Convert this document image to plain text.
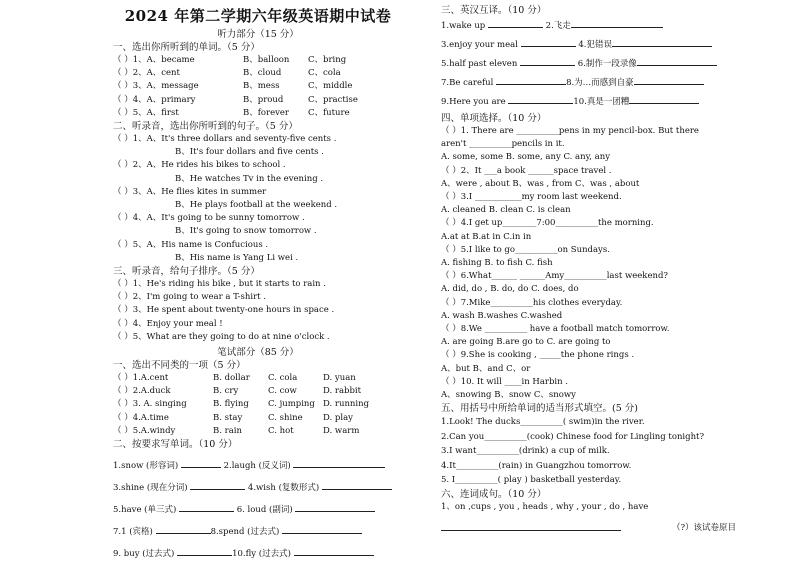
2024 年第二学期六年级英语期中试卷
听力部分（15 分）
一、选出你所听到的单词。（5 分）
（ ）1、A、became	B、balloon C、bring
（ ）2、A、cent	B、cloud	C、cola
（ ）3、A、message	B、mess	C、middle
（ ）4、A、primary	B、proud	C、practise
（ ）5、A、first	B、forever C、future
二、听录音，选出你所听到的句子。（5 分）
（ ）1、A、It's three dollars and seventy-five cents .
B、It's four dollars and five cents .
（ ）2、A、He rides his bikes to school .
B、He watches Tv in the evening .
（ ）3、A、He flies kites in summer
B、He plays football at the weekend .
（ ）4、A、It's going to be sunny tomorrow .
B、It's going to snow tomorrow .
（ ）5、A、His name is Confucious .
B、His name is Yang Li wei .
三、听录音，给句子排序。（5 分）
（ ）1、He's riding his bike , but it starts to rain .
（ ）2、I'm going to wear a T-shirt .
（ ）3、He spent about twenty-one hours in space .
（ ）4、Enjoy your meal !
（ ）5、What are they going to do at nine o'clock .
笔试部分（85 分）
一、选出不同类的一项（5 分）
（ ）1.A.cent	B. dollar C. cola	D. yuan
（ ）2.A.duck	B. cry	C. cow	D. rabbit
（ ）3. A. singing	B. flying C. jumping D. running
（ ）4.A.time	B. stay	C. shine D. play
（ ）5.A.windy	B. rain	C. hot	D. warm
二、按要求写单词。（10 分）
1.snow (形容词)	2.laugh (反义词)
3.shine (现在分词)	4.wish (复数形式)
5.have (单三式)	6. loud (副词)
7.1 (宾格)	8.spend (过去式)
9. buy (过去式)	10.fly (过去式)
三、英汉互译。（10 分）
1.wake up	2.飞走
3.enjoy your meal	4.犯错误
5.half past eleven	6.制作一段录像
7.Be careful	8.为…而感到自豪
9.Here you are	10.真是一团糟
四、单项选择。（10 分）
（ ）1. There are __________pens in my pencil-box. But there
aren't __________pencils in it.
A. some, some B. some, any C. any, any
（ ）2、It ___a book ______space travel .
A、were , about B、was , from C、was , about
（ ）3.I ___________my room last weekend.
A. cleaned B. clean C. is clean
（ ）4.I get up________7:00__________the morning.
A.at at B.at in C.in in
（ ）5.I like to go__________on Sundays.
A. fishing B. to fish C. fish
（ ）6.What______ ______Amy__________last weekend?
A. did, do , B. do, do C. does, do
（ ）7.Mike__________his clothes everyday.
A. wash B.washes C.washed
（ ）8.We __________ have a football match tomorrow.
A. are going B.are go to C. are going to
（ ）9.She is cooking , _____the phone rings .
A、but B、and C、or
（ ）10. It will ____in Harbin .
A、snowing B、snow C、snowy
五、用括号中所给单词的适当形式填空。(5 分)
1.Look! The ducks__________( swim)in the river.
2.Can you__________(cook) Chinese food for Lingling tonight?
3.I want__________(drink) a cup of milk.
4.It__________(rain) in Guangzhou tomorrow.
5. I__________( play ) basketball yesterday.
六、连词成句。（10 分）
1、on ,cups , you , heads , why , your , do , have
（?）该试卷原目
